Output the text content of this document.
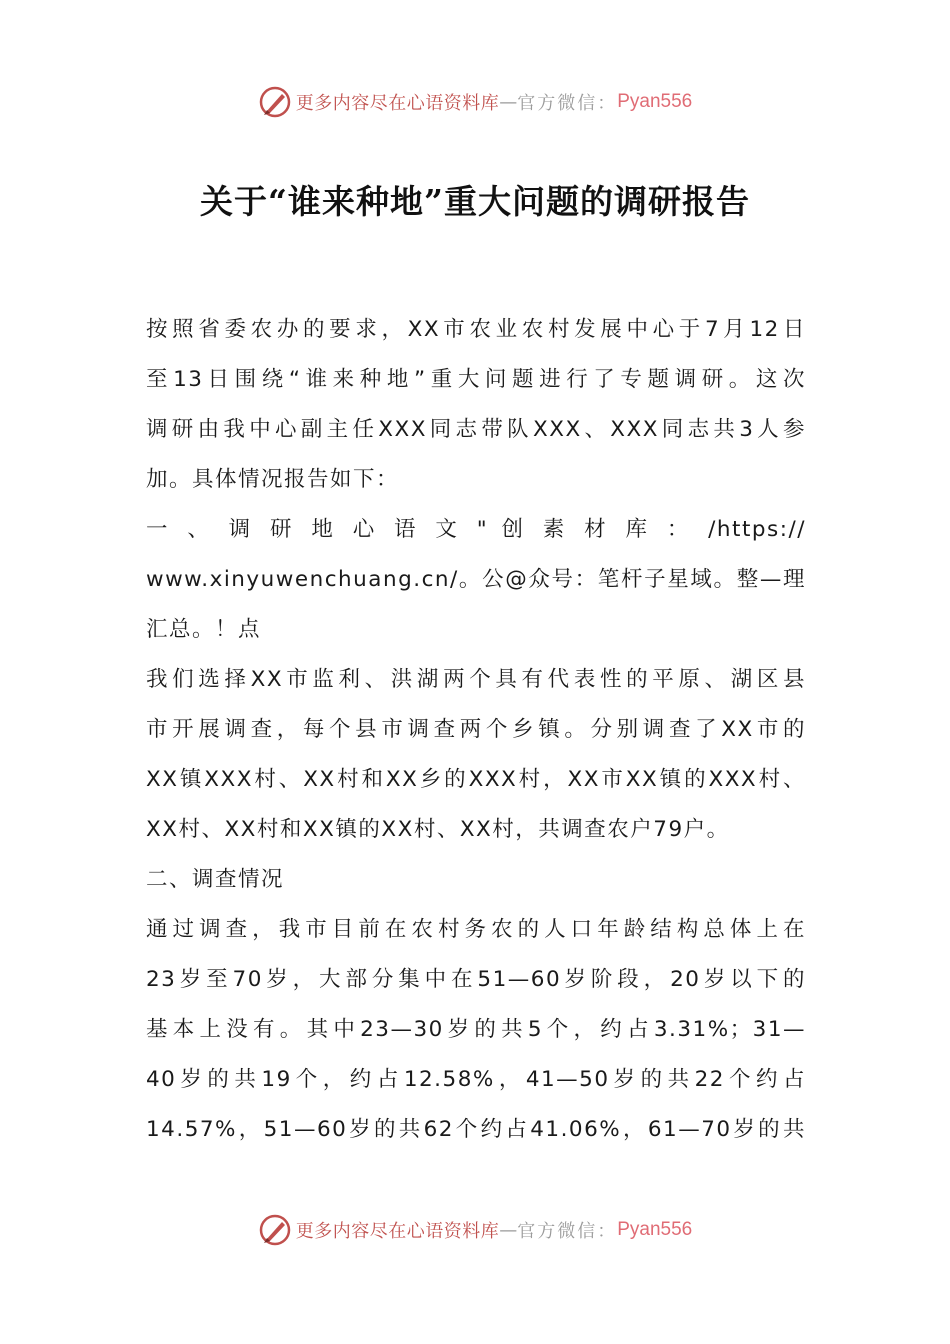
更多内容尽在心语资料库 — 官方微信： Pyan556
关于“谁来种地”重大问题的调研报告
按照省委农办的要求，XX市农业农村发展中心于7月12日
至13日围绕“谁来种地”重大问题进行了专题调研。这次
调研由我中心副主任XXX同志带队XXX、XXX同志共3人参
加。具体情况报告如下：
一 、 调 研 地 心 语 文 " 创 素 材 库 ： /https://
www.xinyuwenchuang.cn/。公@众号：笔杆子星域。整—理
汇总。！点
我们选择XX市监利、洪湖两个具有代表性的平原、湖区县
市开展调查，每个县市调查两个乡镇。分别调查了XX市的
XX镇XXX村、XX村和XX乡的XXX村，XX市XX镇的XXX村、
XX村、XX村和XX镇的XX村、XX村，共调查农户79户。
二、调查情况
通过调查，我市目前在农村务农的人口年龄结构总体上在
23岁至70岁，大部分集中在51—60岁阶段，20岁以下的
基本上没有。其中23—30岁的共5个，约占3.31%；31—
40岁的共19个，约占12.58%，41—50岁的共22个约占
14.57%，51—60岁的共62个约占41.06%，61—70岁的共
更多内容尽在心语资料库 — 官方微信： Pyan556
